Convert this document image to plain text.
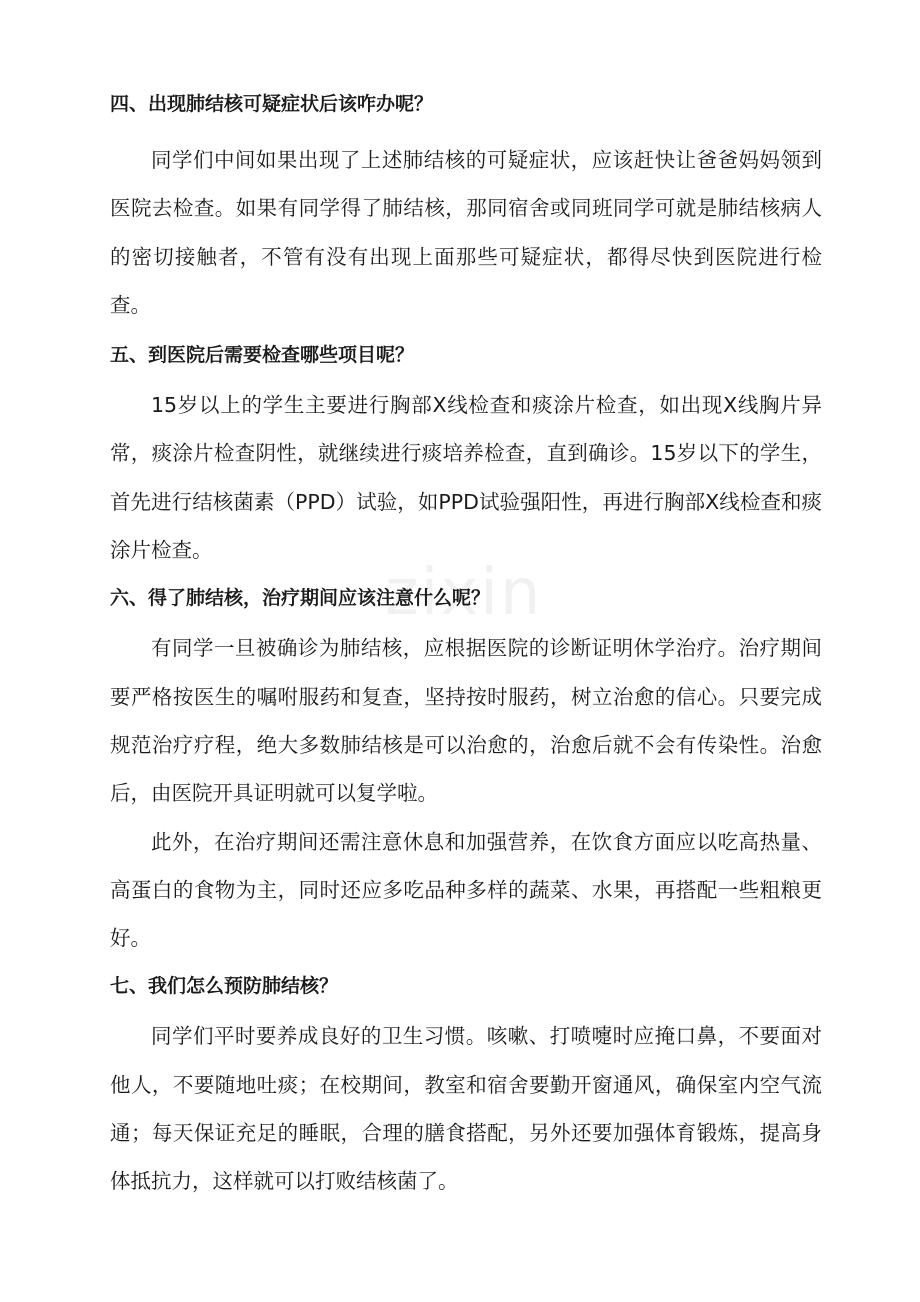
zixin
四、出现肺结核可疑症状后该咋办呢？

同学们中间如果出现了上述肺结核的可疑症状，应该赶快让爸爸妈妈领到医院去检查。如果有同学得了肺结核，那同宿舍或同班同学可就是肺结核病人的密切接触者，不管有没有出现上面那些可疑症状，都得尽快到医院进行检查。

五、到医院后需要检查哪些项目呢？

15岁以上的学生主要进行胸部X线检查和痰涂片检查，如出现X线胸片异常，痰涂片检查阴性，就继续进行痰培养检查，直到确诊。15岁以下的学生，首先进行结核菌素（PPD）试验，如PPD试验强阳性，再进行胸部X线检查和痰涂片检查。

六、得了肺结核，治疗期间应该注意什么呢？

有同学一旦被确诊为肺结核，应根据医院的诊断证明休学治疗。治疗期间要严格按医生的嘱咐服药和复查，坚持按时服药，树立治愈的信心。只要完成规范治疗疗程，绝大多数肺结核是可以治愈的，治愈后就不会有传染性。治愈后，由医院开具证明就可以复学啦。

此外，在治疗期间还需注意休息和加强营养，在饮食方面应以吃高热量、高蛋白的食物为主，同时还应多吃品种多样的蔬菜、水果，再搭配一些粗粮更好。

七、我们怎么预防肺结核？

同学们平时要养成良好的卫生习惯。咳嗽、打喷嚏时应掩口鼻，不要面对他人，不要随地吐痰；在校期间，教室和宿舍要勤开窗通风，确保室内空气流通；每天保证充足的睡眠，合理的膳食搭配，另外还要加强体育锻炼，提高身体抵抗力，这样就可以打败结核菌了。
